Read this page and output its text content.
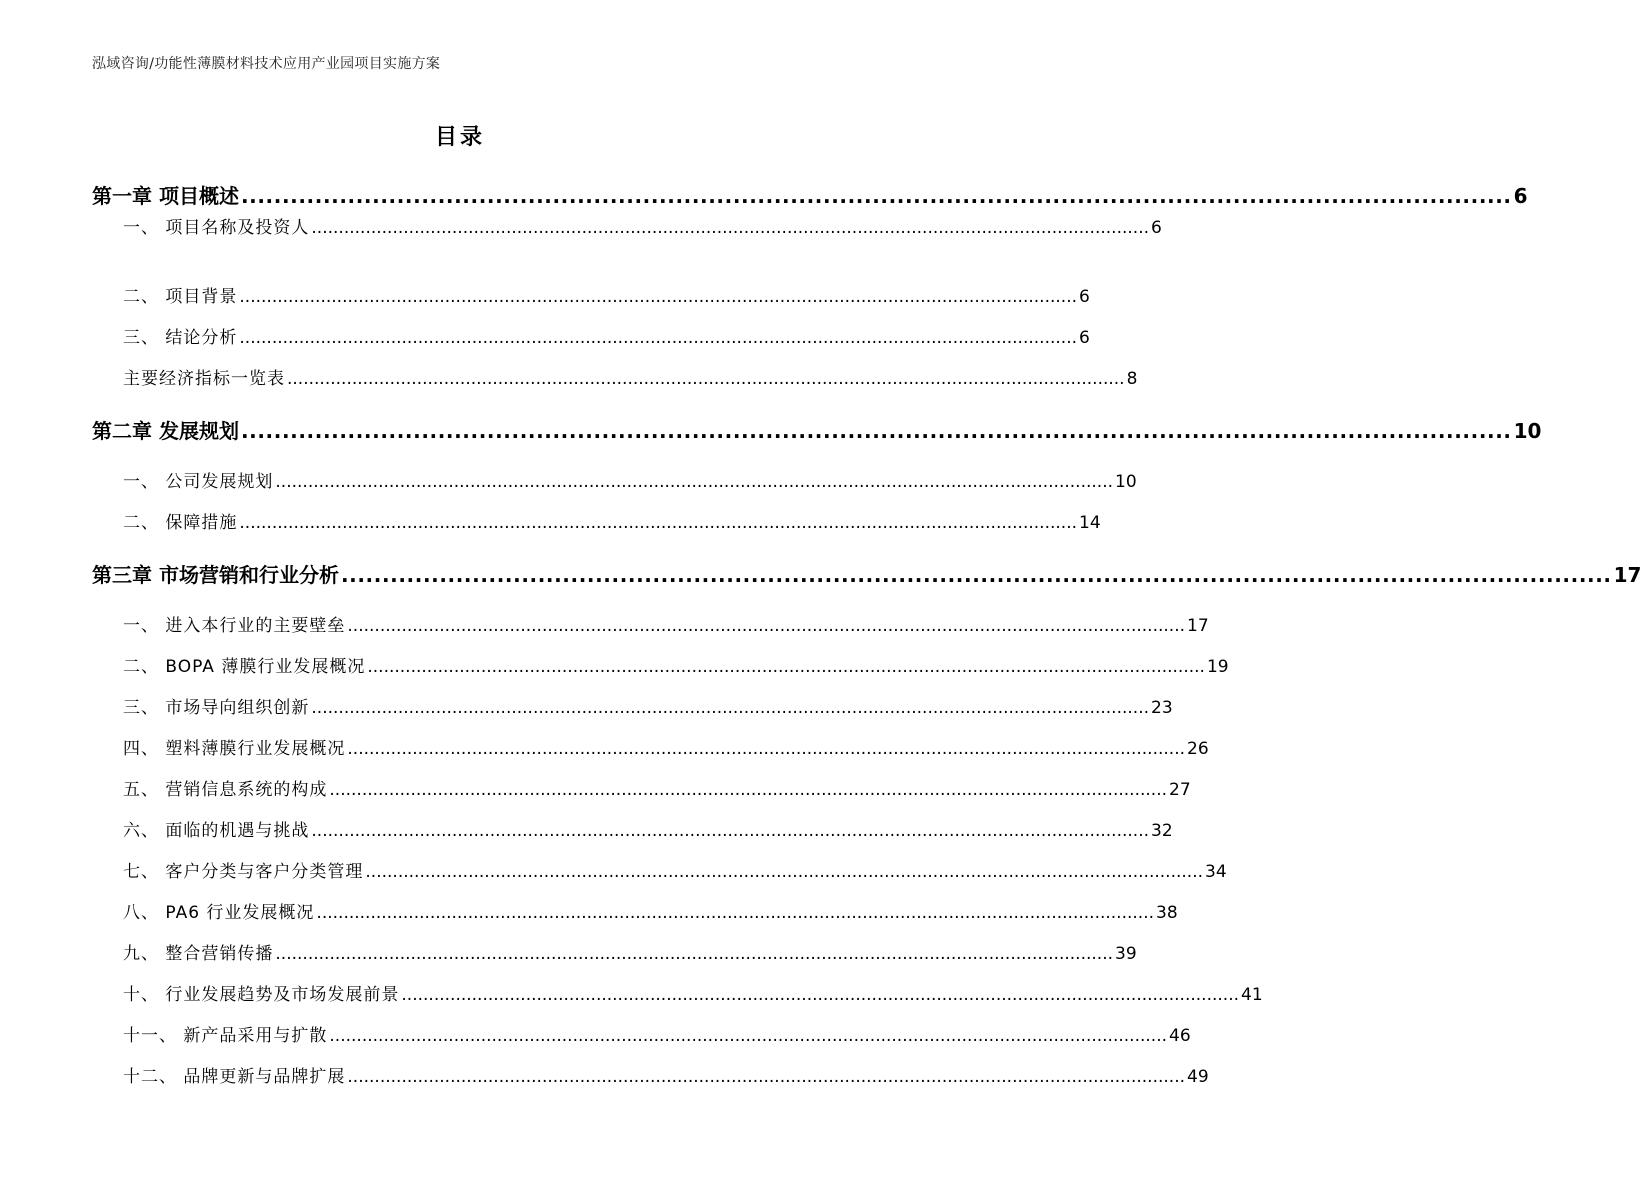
泓域咨询/功能性薄膜材料技术应用产业园项目实施方案
目录
第一章 项目概述 ........................................................................................................................................................... 6
一、 项目名称及投资人 ........................................................................................................................................................... 6
二、 项目背景 ........................................................................................................................................................... 6
三、 结论分析 ........................................................................................................................................................... 6
主要经济指标一览表 ........................................................................................................................................................... 8
第二章 发展规划 ........................................................................................................................................................... 10
一、 公司发展规划 ........................................................................................................................................................... 10
二、 保障措施 ........................................................................................................................................................... 14
第三章 市场营销和行业分析 ........................................................................................................................................................... 17
一、 进入本行业的主要壁垒 ........................................................................................................................................................... 17
二、 BOPA 薄膜行业发展概况 ........................................................................................................................................................... 19
三、 市场导向组织创新 ........................................................................................................................................................... 23
四、 塑料薄膜行业发展概况 ........................................................................................................................................................... 26
五、 营销信息系统的构成 ........................................................................................................................................................... 27
六、 面临的机遇与挑战 ........................................................................................................................................................... 32
七、 客户分类与客户分类管理 ........................................................................................................................................................... 34
八、 PA6 行业发展概况 ........................................................................................................................................................... 38
九、 整合营销传播 ........................................................................................................................................................... 39
十、 行业发展趋势及市场发展前景 ........................................................................................................................................................... 41
十一、 新产品采用与扩散 ........................................................................................................................................................... 46
十二、 品牌更新与品牌扩展 ........................................................................................................................................................... 49
